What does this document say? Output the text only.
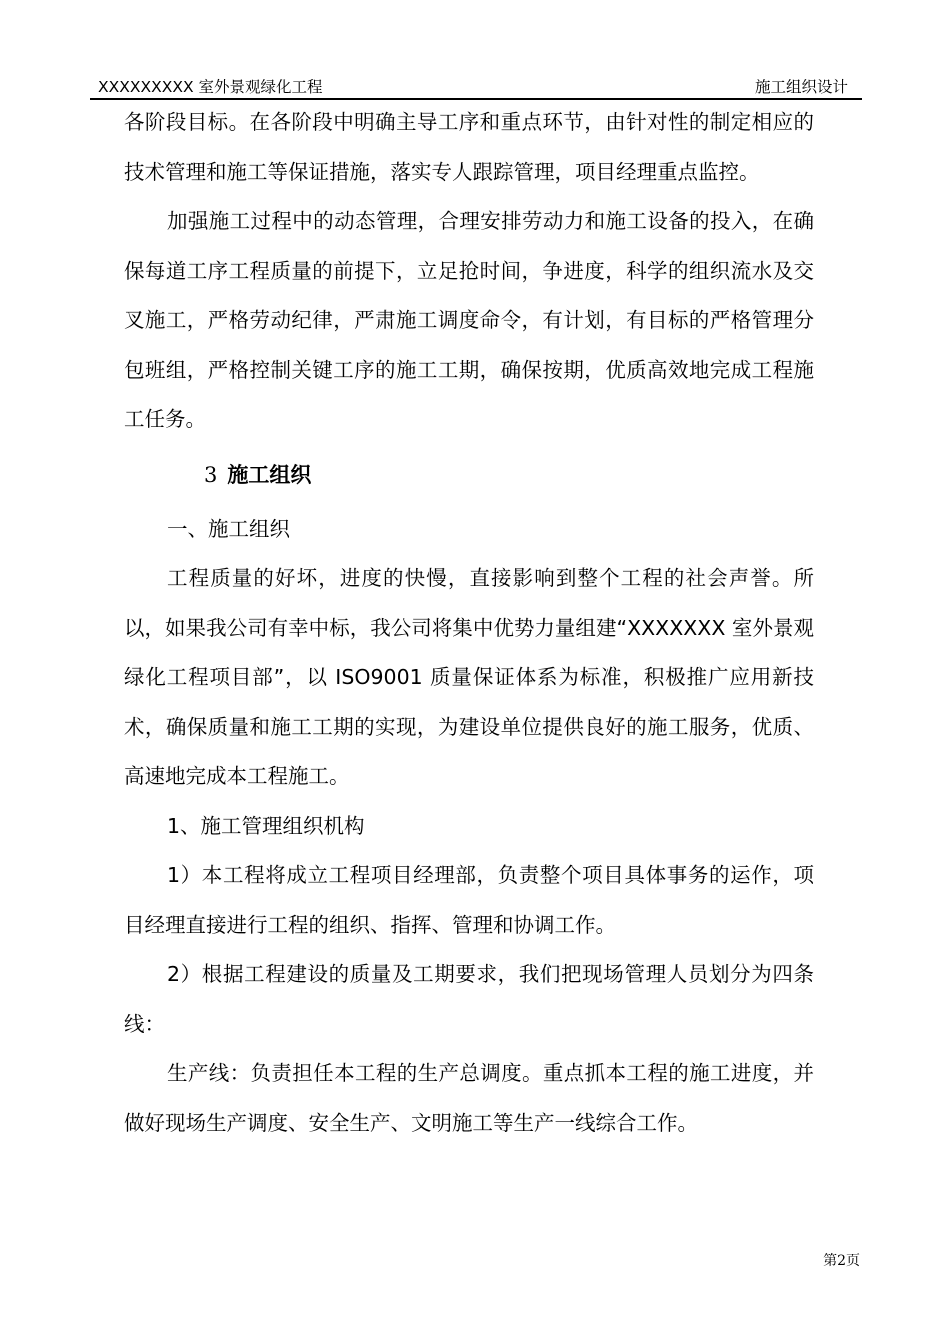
XXXXXXXXX 室外景观绿化工程	施工组织设计

各阶段目标。在各阶段中明确主导工序和重点环节，由针对性的制定相应的技术管理和施工等保证措施，落实专人跟踪管理，项目经理重点监控。

加强施工过程中的动态管理，合理安排劳动力和施工设备的投入，在确保每道工序工程质量的前提下，立足抢时间，争进度，科学的组织流水及交叉施工，严格劳动纪律，严肃施工调度命令，有计划，有目标的严格管理分包班组，严格控制关键工序的施工工期，确保按期，优质高效地完成工程施工任务。

3 施工组织

一、施工组织

工程质量的好坏，进度的快慢，直接影响到整个工程的社会声誉。所以，如果我公司有幸中标，我公司将集中优势力量组建“XXXXXXX 室外景观绿化工程项目部”，以 ISO9001 质量保证体系为标准，积极推广应用新技术，确保质量和施工工期的实现，为建设单位提供良好的施工服务，优质、高速地完成本工程施工。

1、施工管理组织机构

1）本工程将成立工程项目经理部，负责整个项目具体事务的运作，项目经理直接进行工程的组织、指挥、管理和协调工作。

2）根据工程建设的质量及工期要求，我们把现场管理人员划分为四条线：

生产线：负责担任本工程的生产总调度。重点抓本工程的施工进度，并做好现场生产调度、安全生产、文明施工等生产一线综合工作。

第2页
